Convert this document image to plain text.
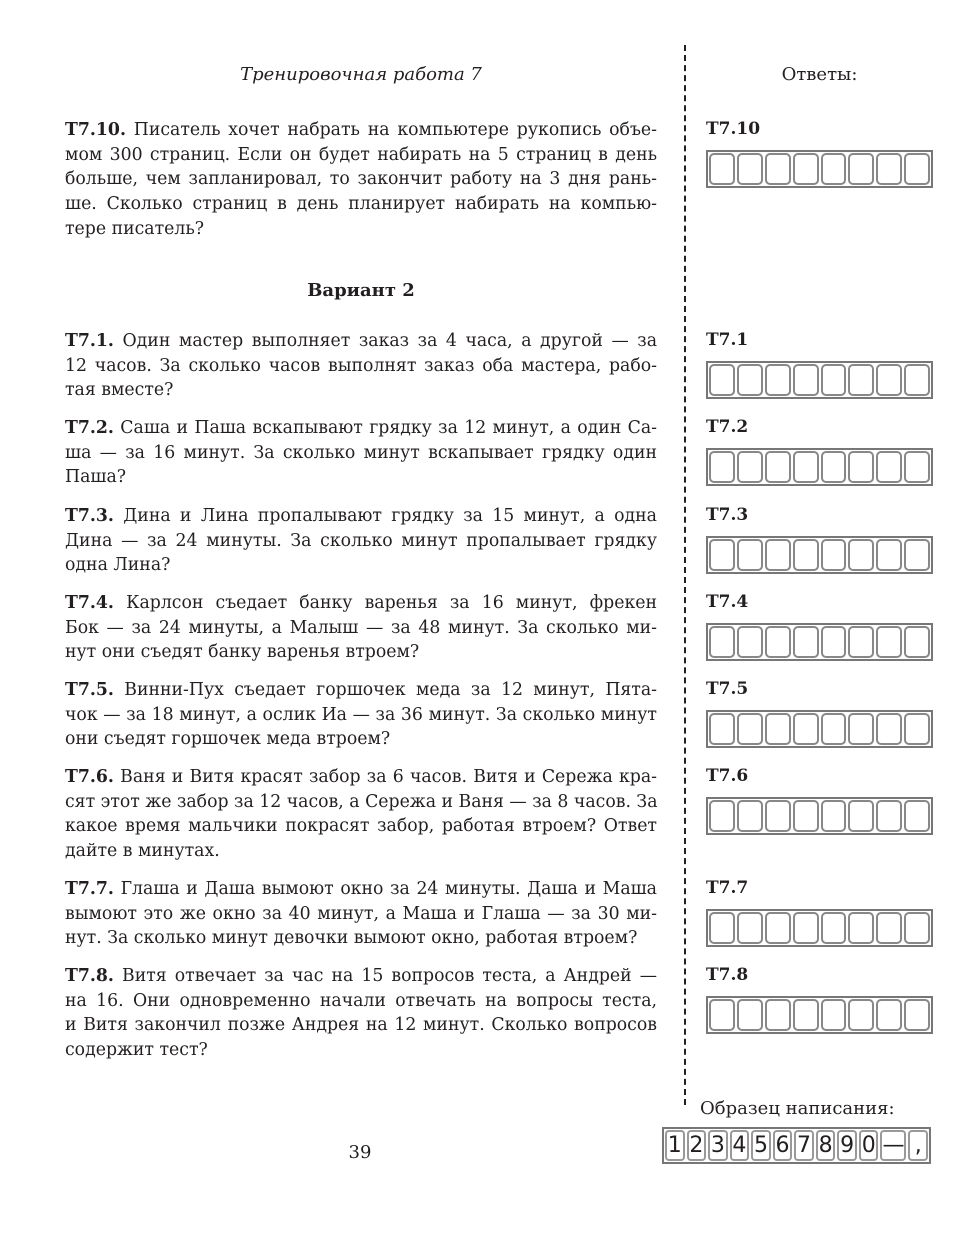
Тренировочная работа 7	Ответы:
Вариант 2
Т7.10. Писатель хочет набрать на компьютере рукопись объе-
мом 300 страниц. Если он будет набирать на 5 страниц в день
больше, чем запланировал, то закончит работу на 3 дня рань-
ше. Сколько страниц в день планирует набирать на компью-
тере писатель?
T7.10
Т7.1. Один мастер выполняет заказ за 4 часа, а другой — за
12 часов. За сколько часов выполнят заказ оба мастера, рабо-
тая вместе?
T7.1
Т7.2. Саша и Паша вскапывают грядку за 12 минут, а один Са-
ша — за 16 минут. За сколько минут вскапывает грядку один
Паша?
T7.2
Т7.3. Дина и Лина пропалывают грядку за 15 минут, а одна
Дина — за 24 минуты. За сколько минут пропалывает грядку
одна Лина?
T7.3
Т7.4. Карлсон съедает банку варенья за 16 минут, фрекен
Бок — за 24 минуты, а Малыш — за 48 минут. За сколько ми-
нут они съедят банку варенья втроем?
T7.4
Т7.5. Винни-Пух съедает горшочек меда за 12 минут, Пята-
чок — за 18 минут, а ослик Иа — за 36 минут. За сколько минут
они съедят горшочек меда втроем?
T7.5
Т7.6. Ваня и Витя красят забор за 6 часов. Витя и Сережа кра-
сят этот же забор за 12 часов, а Сережа и Ваня — за 8 часов. За
какое время мальчики покрасят забор, работая втроем? Ответ
дайте в минутах.
T7.6
Т7.7. Глаша и Даша вымоют окно за 24 минуты. Даша и Маша
вымоют это же окно за 40 минут, а Маша и Глаша — за 30 ми-
нут. За сколько минут девочки вымоют окно, работая втроем?
T7.7
Т7.8. Витя отвечает за час на 15 вопросов теста, а Андрей —
на 16. Они одновременно начали отвечать на вопросы теста,
и Витя закончил позже Андрея на 12 минут. Сколько вопросов
содержит тест?
T7.8
Образец написания:
1 2 3 4 5 6 7 8 9 0 — ,
39
